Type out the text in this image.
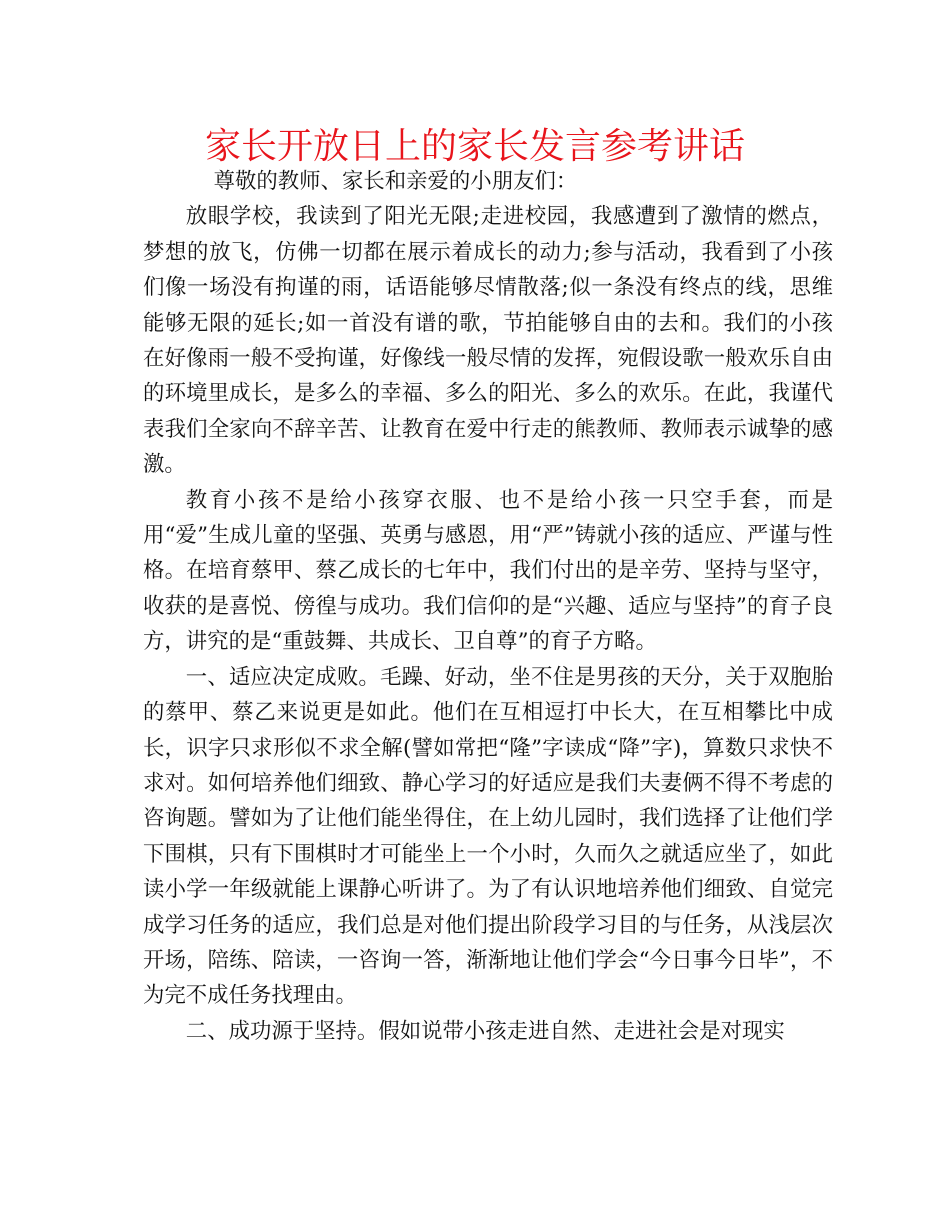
家长开放日上的家长发言参考讲话

尊敬的教师、家长和亲爱的小朋友们：

放眼学校，我读到了阳光无限;走进校园，我感遭到了激情的燃点，梦想的放飞，仿佛一切都在展示着成长的动力;参与活动，我看到了小孩们像一场没有拘谨的雨，话语能够尽情散落;似一条没有终点的线，思维能够无限的延长;如一首没有谱的歌，节拍能够自由的去和。我们的小孩在好像雨一般不受拘谨，好像线一般尽情的发挥，宛假设歌一般欢乐自由的环境里成长，是多么的幸福、多么的阳光、多么的欢乐。在此，我谨代表我们全家向不辞辛苦、让教育在爱中行走的熊教师、教师表示诚挚的感激。

教育小孩不是给小孩穿衣服、也不是给小孩一只空手套，而是用“爱”生成儿童的坚强、英勇与感恩，用“严”铸就小孩的适应、严谨与性格。在培育蔡甲、蔡乙成长的七年中，我们付出的是辛劳、坚持与坚守，收获的是喜悦、傍徨与成功。我们信仰的是“兴趣、适应与坚持”的育子良方，讲究的是“重鼓舞、共成长、卫自尊”的育子方略。

一、适应决定成败。毛躁、好动，坐不住是男孩的天分，关于双胞胎的蔡甲、蔡乙来说更是如此。他们在互相逗打中长大，在互相攀比中成长，识字只求形似不求全解(譬如常把“隆”字读成“降”字)，算数只求快不求对。如何培养他们细致、静心学习的好适应是我们夫妻俩不得不考虑的咨询题。譬如为了让他们能坐得住，在上幼儿园时，我们选择了让他们学下围棋，只有下围棋时才可能坐上一个小时，久而久之就适应坐了，如此读小学一年级就能上课静心听讲了。为了有认识地培养他们细致、自觉完成学习任务的适应，我们总是对他们提出阶段学习目的与任务，从浅层次开场，陪练、陪读，一咨询一答，渐渐地让他们学会“今日事今日毕”，不为完不成任务找理由。

二、成功源于坚持。假如说带小孩走进自然、走进社会是对现实
